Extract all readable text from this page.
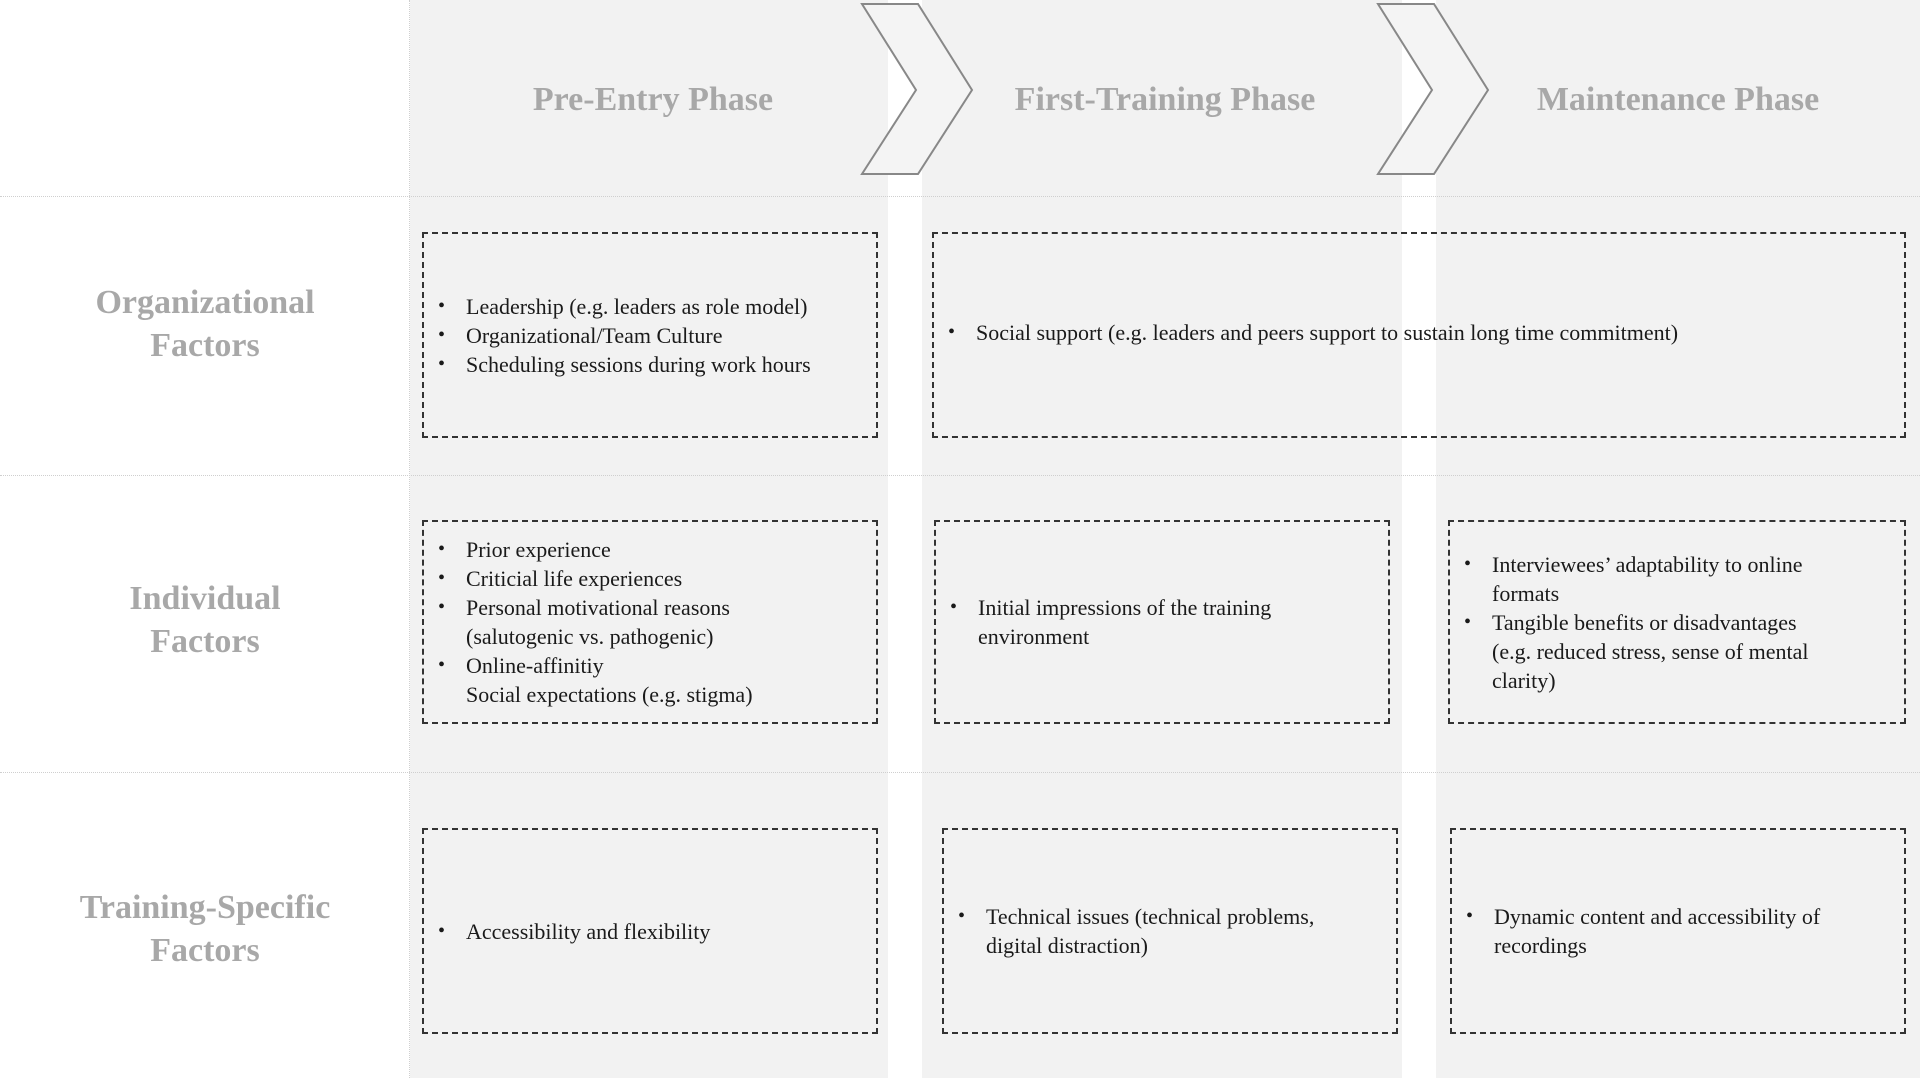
Pre-Entry Phase	First-Training Phase	Maintenance Phase
Organizational
Factors
Individual
Factors
Training-Specific
Factors
• Leadership (e.g. leaders as role model)
• Organizational/Team Culture
• Scheduling sessions during work hours
• Social support (e.g. leaders and peers support to sustain long time commitment)
• Prior experience
• Criticial life experiences
• Personal motivational reasons
(salutogenic vs. pathogenic)
• Online-affinitiy
Social expectations (e.g. stigma)
• Initial impressions of the training
environment
• Interviewees’ adaptability to online
formats
• Tangible benefits or disadvantages
(e.g. reduced stress, sense of mental
clarity)
• Accessibility and flexibility
• Technical issues (technical problems,
digital distraction)
• Dynamic content and accessibility of
recordings
